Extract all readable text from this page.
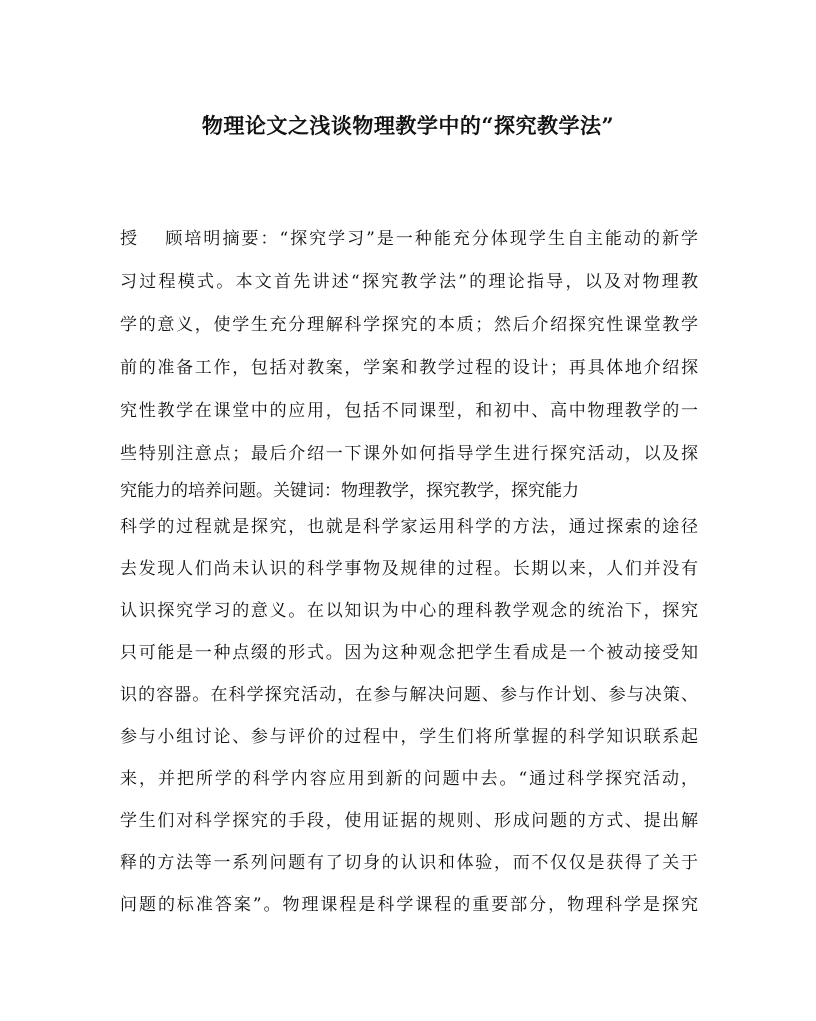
物理论文之浅谈物理教学中的“探究教学法”
授　 顾培明摘要：“探究学习”是一种能充分体现学生自主能动的新学
习过程模式。本文首先讲述“探究教学法”的理论指导，以及对物理教
学的意义，使学生充分理解科学探究的本质；然后介绍探究性课堂教学
前的准备工作，包括对教案，学案和教学过程的设计；再具体地介绍探
究性教学在课堂中的应用，包括不同课型，和初中、高中物理教学的一
些特别注意点；最后介绍一下课外如何指导学生进行探究活动，以及探
究能力的培养问题。关键词：物理教学，探究教学，探究能力
科学的过程就是探究，也就是科学家运用科学的方法，通过探索的途径
去发现人们尚未认识的科学事物及规律的过程。长期以来，人们并没有
认识探究学习的意义。在以知识为中心的理科教学观念的统治下，探究
只可能是一种点缀的形式。因为这种观念把学生看成是一个被动接受知
识的容器。在科学探究活动，在参与解决问题、参与作计划、参与决策、
参与小组讨论、参与评价的过程中，学生们将所掌握的科学知识联系起
来，并把所学的科学内容应用到新的问题中去。“通过科学探究活动，
学生们对科学探究的手段，使用证据的规则、形成问题的方式、提出解
释的方法等一系列问题有了切身的认识和体验，而不仅仅是获得了关于
问题的标准答案”。物理课程是科学课程的重要部分，物理科学是探究
